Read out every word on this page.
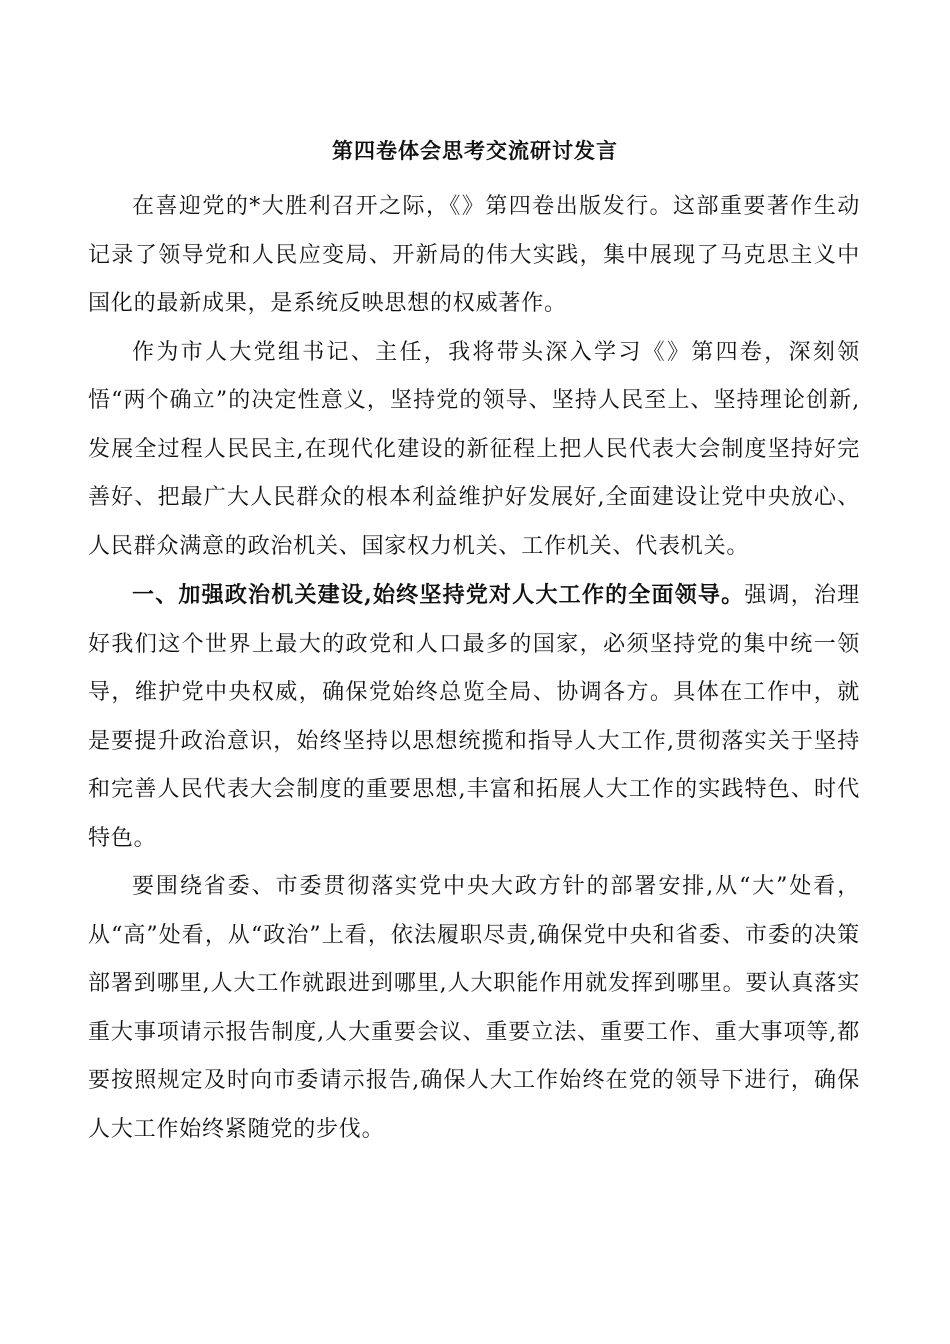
第四卷体会思考交流研讨发言

在喜迎党的*大胜利召开之际，《》第四卷出版发行。这部重要著作生动记录了领导党和人民应变局、开新局的伟大实践，集中展现了马克思主义中国化的最新成果，是系统反映思想的权威著作。

作为市人大党组书记、主任，我将带头深入学习《》第四卷，深刻领悟“两个确立”的决定性意义，坚持党的领导、坚持人民至上、坚持理论创新,发展全过程人民民主,在现代化建设的新征程上把人民代表大会制度坚持好完善好、把最广大人民群众的根本利益维护好发展好,全面建设让党中央放心、人民群众满意的政治机关、国家权力机关、工作机关、代表机关。

一、加强政治机关建设,始终坚持党对人大工作的全面领导。强调，治理好我们这个世界上最大的政党和人口最多的国家，必须坚持党的集中统一领导，维护党中央权威，确保党始终总览全局、协调各方。具体在工作中，就是要提升政治意识，始终坚持以思想统揽和指导人大工作,贯彻落实关于坚持和完善人民代表大会制度的重要思想,丰富和拓展人大工作的实践特色、时代特色。

要围绕省委、市委贯彻落实党中央大政方针的部署安排,从“大”处看，从“高”处看，从“政治”上看，依法履职尽责,确保党中央和省委、市委的决策部署到哪里,人大工作就跟进到哪里,人大职能作用就发挥到哪里。要认真落实重大事项请示报告制度,人大重要会议、重要立法、重要工作、重大事项等,都要按照规定及时向市委请示报告,确保人大工作始终在党的领导下进行，确保人大工作始终紧随党的步伐。
